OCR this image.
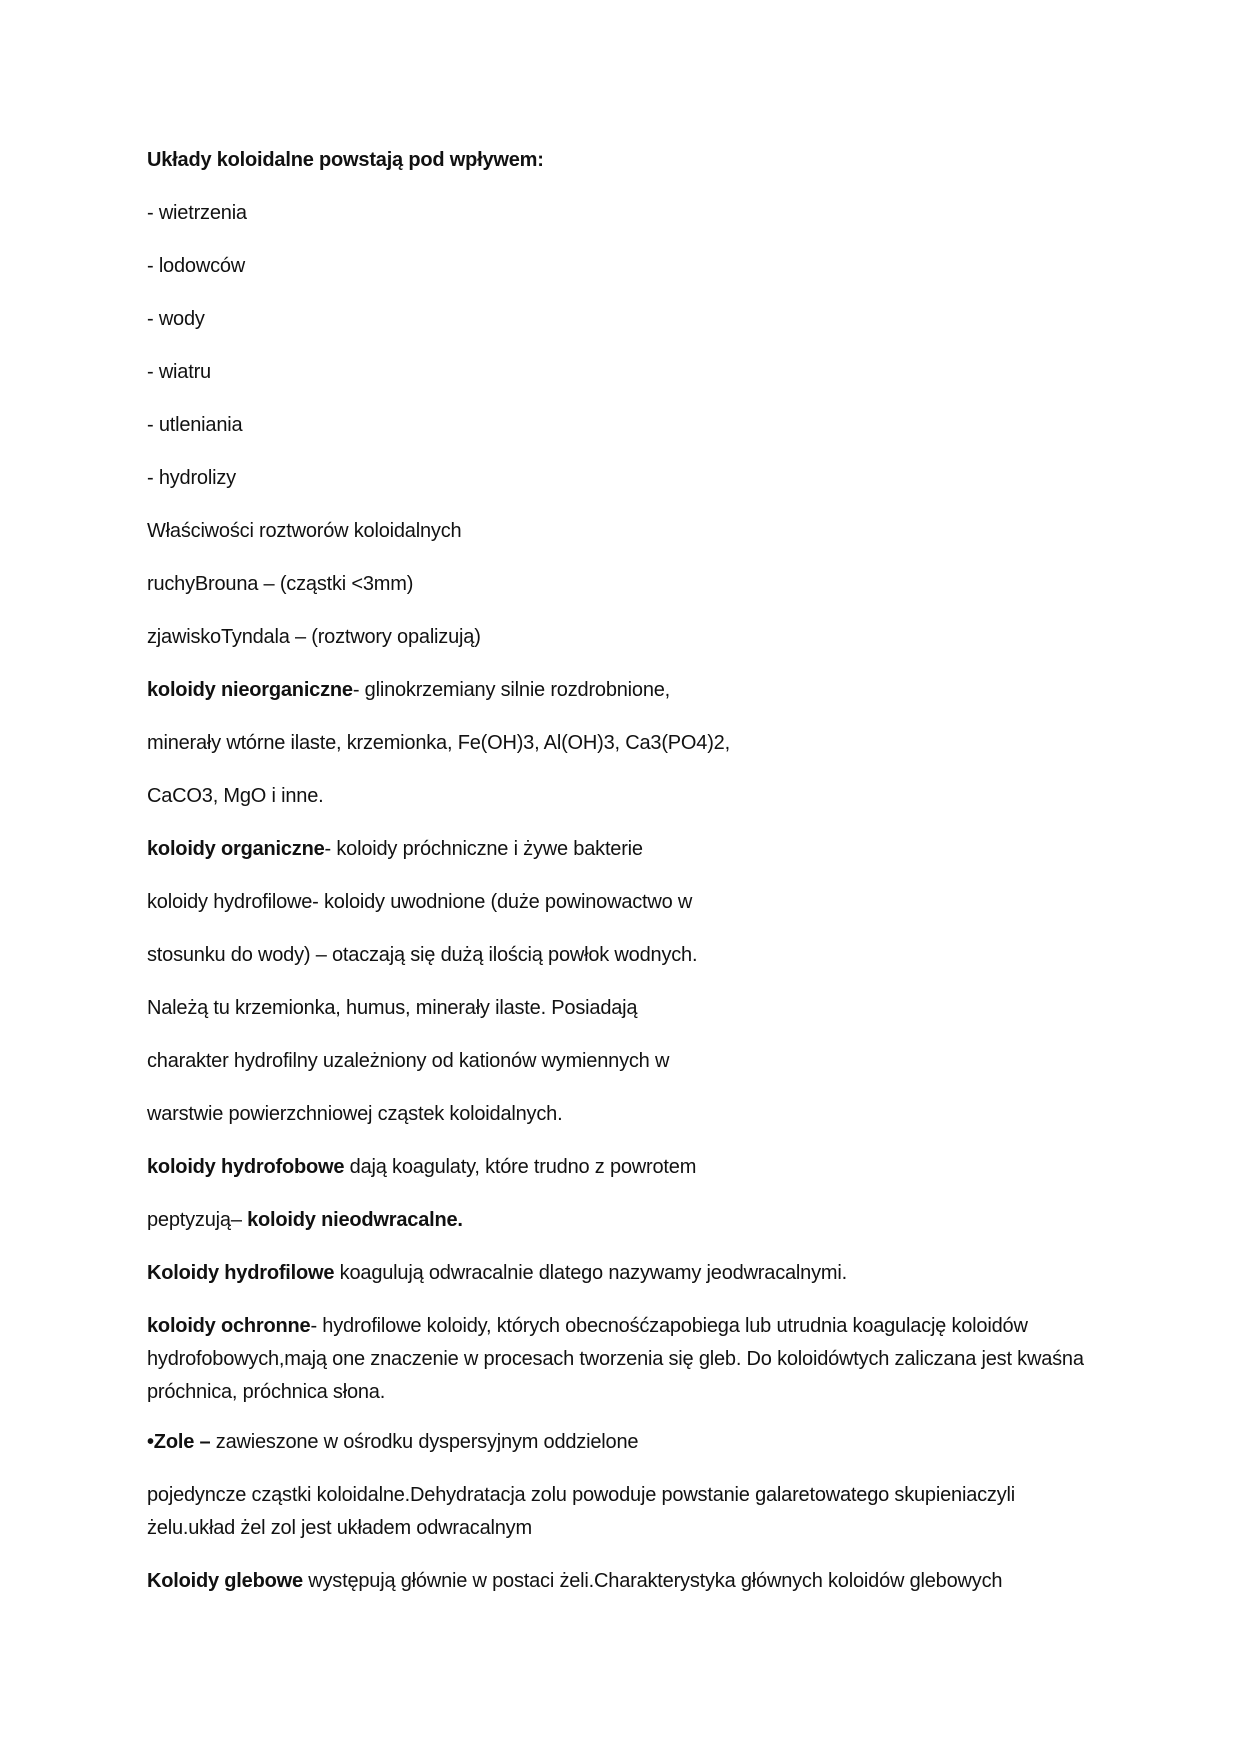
Układy koloidalne powstają pod wpływem:
- wietrzenia
- lodowców
- wody
- wiatru
- utleniania
- hydrolizy
Właściwości roztworów koloidalnych
ruchyBrouna – (cząstki <3mm)
zjawiskoTyndala – (roztwory opalizują)
koloidy nieorganiczne- glinokrzemiany silnie rozdrobnione,
minerały wtórne ilaste, krzemionka, Fe(OH)3, Al(OH)3, Ca3(PO4)2,
CaCO3, MgO i inne.
koloidy organiczne- koloidy próchniczne i żywe bakterie
koloidy hydrofilowe- koloidy uwodnione (duże powinowactwo w
stosunku do wody) – otaczają się dużą ilością powłok wodnych.
Należą tu krzemionka, humus, minerały ilaste. Posiadają
charakter hydrofilny uzależniony od kationów wymiennych w
warstwie powierzchniowej cząstek koloidalnych.
koloidy hydrofobowe dają koagulaty, które trudno z powrotem
peptyzują– koloidy nieodwracalne.
Koloidy hydrofilowe koagulują odwracalnie dlatego nazywamy jeodwracalnymi.
koloidy ochronne- hydrofilowe koloidy, których obecnośćzapobiega lub utrudnia koagulację koloidów hydrofobowych,mają one znaczenie w procesach tworzenia się gleb. Do koloidówtych zaliczana jest kwaśna próchnica, próchnica słona.
•Zole – zawieszone w ośrodku dyspersyjnym oddzielone
pojedyncze cząstki koloidalne.Dehydratacja zolu powoduje powstanie galaretowatego skupieniaczyli żelu.układ żel zol jest układem odwracalnym
Koloidy glebowe występują głównie w postaci żeli.Charakterystyka głównych koloidów glebowych
